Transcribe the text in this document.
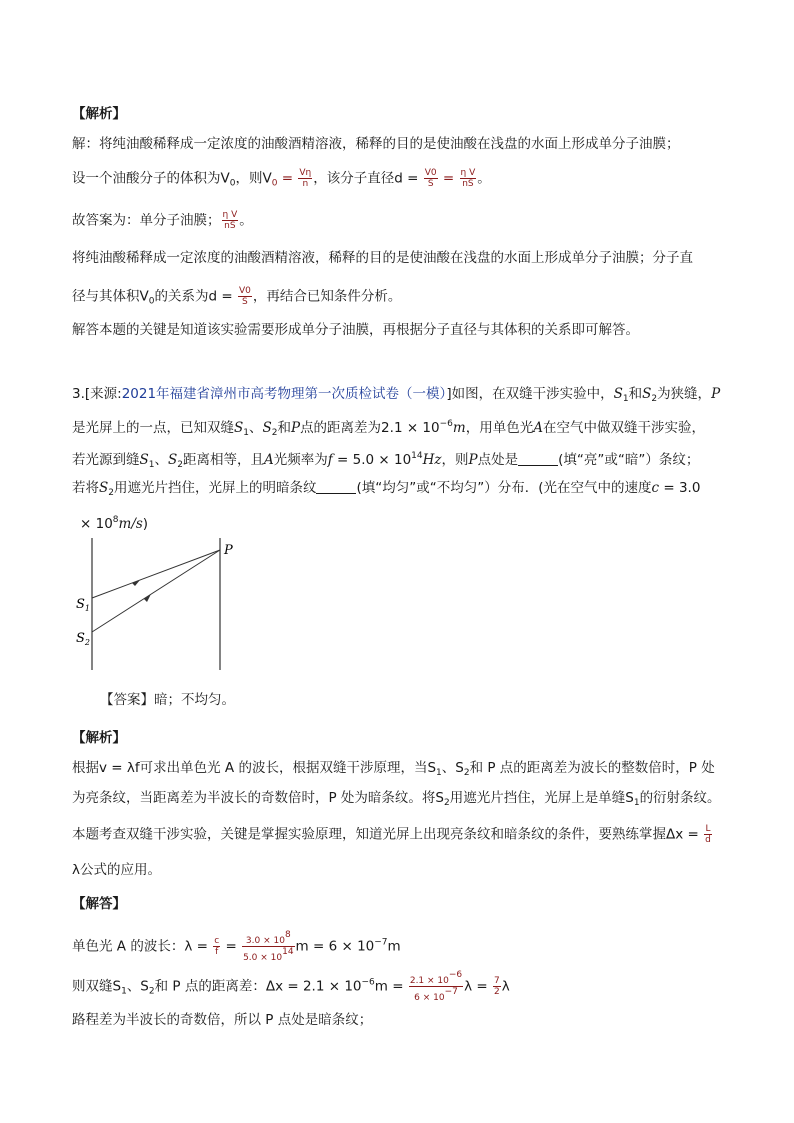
【解析】
解：将纯油酸稀释成一定浓度的油酸酒精溶液，稀释的目的是使油酸在浅盘的水面上形成单分子油膜；
设一个油酸分子的体积为$V_0$，则$V_0 = \frac{V\eta}{n}$ ，该分子直径$d = \frac{V0}{S} = \frac{\text{η V}}{nS}$ 。
故答案为：单分子油膜； $\frac{\text{η V}}{nS}$ 。
将纯油酸稀释成一定浓度的油酸酒精溶液，稀释的目的是使油酸在浅盘的水面上形成单分子油膜；分子直
径与其体积$V_0$的关系为$d = \frac{V0}{S}$ ，再结合已知条件分析。
解答本题的关键是知道该实验需要形成单分子油膜，再根据分子直径与其体积的关系即可解答。
3.[来源:2021年福建省漳州市高考物理第一次质检试卷（一模）]如图，在双缝干涉实验中，$S_1$和$S_2$为狭缝，P
是光屏上的一点，已知双缝$S_1$、$S_2$和P点的距离差为$2.1 \times 10^{-6}m$，用单色光A在空气中做双缝干涉实验，
若光源到缝$S_1$、$S_2$距离相等，且A光频率为$f = 5.0 \times 10^{14}Hz$，则P点处是	(填“亮”或“暗”）条纹；
若将$S_2$用遮光片挡住，光屏上的明暗条纹	(填“均匀”或“不均匀”）分布．(光在空气中的速度c = 3.0
× $10^8m/s$)
P
$S_1$
$S_2$
【答案】暗；不均匀。
【解析】
根据v = λf可求出单色光 A 的波长，根据双缝干涉原理，当$S_1$、$S_2$和 P 点的距离差为波长的整数倍时，P 处
为亮条纹，当距离差为半波长的奇数倍时，P 处为暗条纹。将$S_2$用遮光片挡住，光屏上是单缝$S_1$的衍射条纹。
本题考查双缝干涉实验，关键是掌握实验原理，知道光屏上出现亮条纹和暗条纹的条件，要熟练掌握$\Delta x = \frac{L}{d}$
λ公式的应用。
【解答】
单色光 A 的波长：$\lambda = \frac{c}{f} = \frac{3.0 \times 108}{5.0 \times 1014}$ $m = 6 \times 10^{-7}m$
则双缝$S_1$、$S_2$和 P 点的距离差：$\Delta x = 2.1 \times 10^{-6}m = \frac{2.1 \times 10-6}{6 \times 10-7}$ $\lambda = \frac{7}{2}$ λ
路程差为半波长的奇数倍，所以 P 点处是暗条纹；
